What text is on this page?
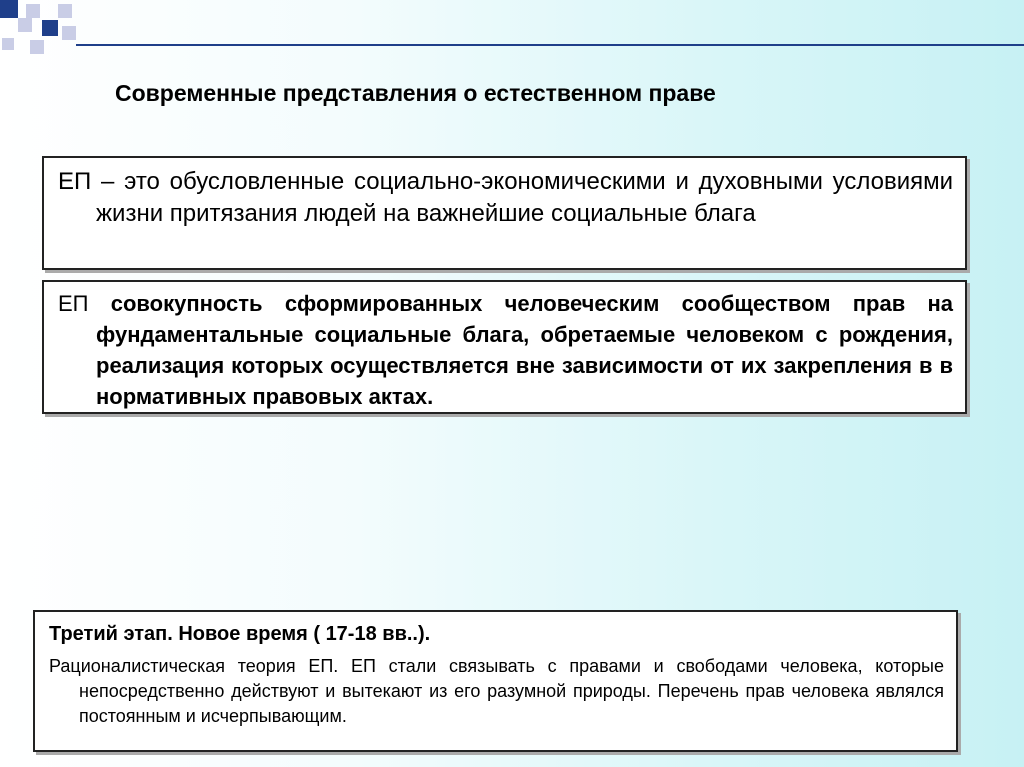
Современные представления о естественном праве
ЕП – это обусловленные социально-экономическими и духовными условиями жизни притязания людей на важнейшие социальные блага
ЕП совокупность сформированных человеческим сообществом прав на фундаментальные социальные блага, обретаемые человеком с рождения, реализация которых осуществляется вне зависимости от их закрепления в в нормативных правовых актах.
Третий этап. Новое время ( 17-18 вв..).
Рационалистическая теория ЕП. ЕП стали связывать с правами и свободами человека, которые непосредственно действуют и вытекают из его разумной природы. Перечень прав человека являлся постоянным и исчерпывающим.
